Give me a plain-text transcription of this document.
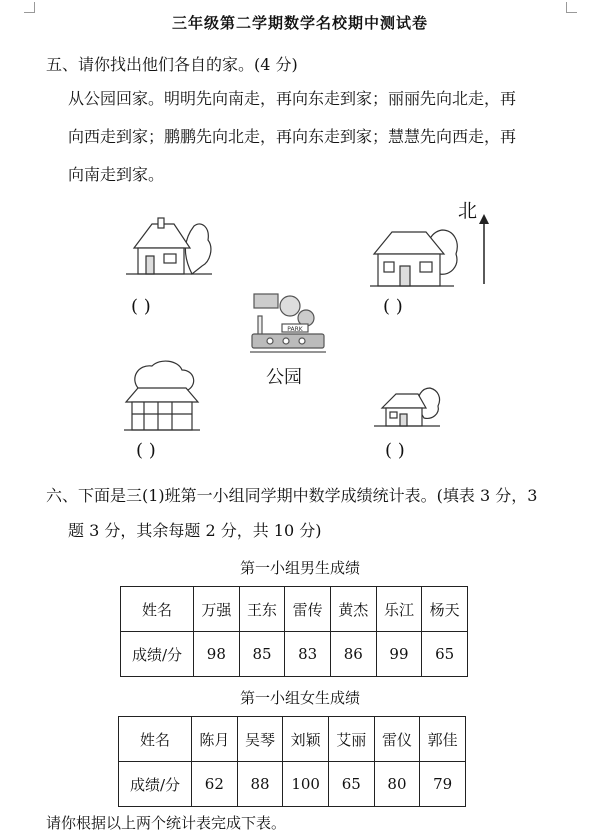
三年级第二学期数学名校期中测试卷
五、请你找出他们各自的家。(4 分)
从公园回家。明明先向南走，再向东走到家；丽丽先向北走，再
向西走到家；鹏鹏先向北走，再向东走到家；慧慧先向西走，再
向南走到家。
北
( )	( )
PARK
公园
( )	( )
六、下面是三(1)班第一小组同学期中数学成绩统计表。(填表 3 分，3
题 3 分，其余每题 2 分，共 10 分)
第一小组男生成绩
姓名	万强	王东	雷传	黄杰	乐江	杨天
成绩/分	98	85	83	86	99	65
第一小组女生成绩
姓名	陈月	吴琴	刘颖	艾丽	雷仪	郭佳
成绩/分	62	88	100	65	80	79
请你根据以上两个统计表完成下表。
